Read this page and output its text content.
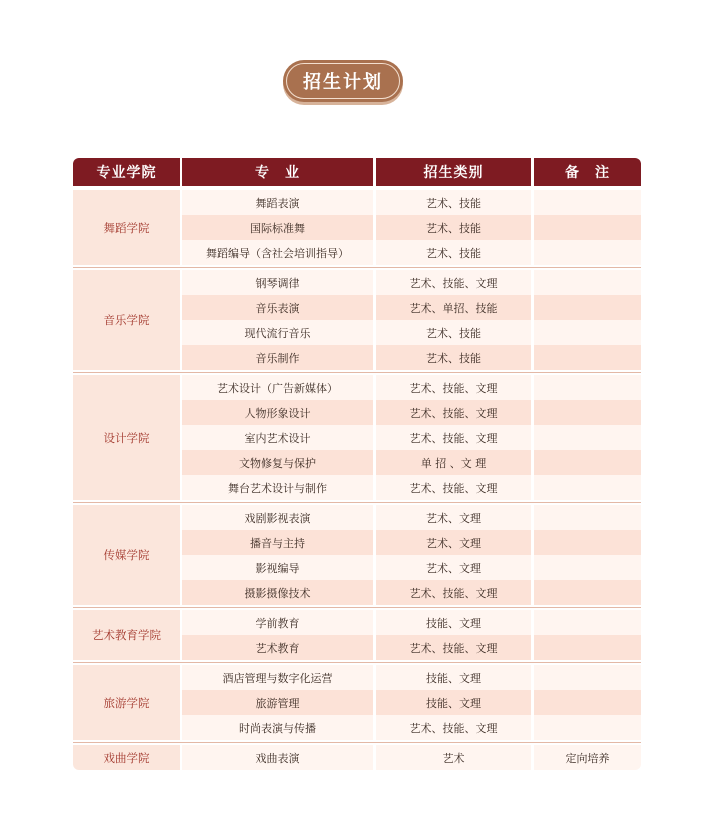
招生计划
专业学院	专　业	招生类别	备　注
舞蹈学院
舞蹈表演	艺术、技能
国际标准舞	艺术、技能
舞蹈编导（含社会培训指导）	艺术、技能
音乐学院
钢琴调律	艺术、技能、文理
音乐表演	艺术、单招、技能
现代流行音乐	艺术、技能
音乐制作	艺术、技能
设计学院
艺术设计（广告新媒体）	艺术、技能、文理
人物形象设计	艺术、技能、文理
室内艺术设计	艺术、技能、文理
文物修复与保护	单 招 、文 理
舞台艺术设计与制作	艺术、技能、文理
传媒学院
戏剧影视表演	艺术、文理
播音与主持	艺术、文理
影视编导	艺术、文理
摄影摄像技术	艺术、技能、文理
艺术教育学院
学前教育	技能、文理
艺术教育	艺术、技能、文理
旅游学院
酒店管理与数字化运营	技能、文理
旅游管理	技能、文理
时尚表演与传播	艺术、技能、文理
戏曲学院	戏曲表演	艺术	定向培养
